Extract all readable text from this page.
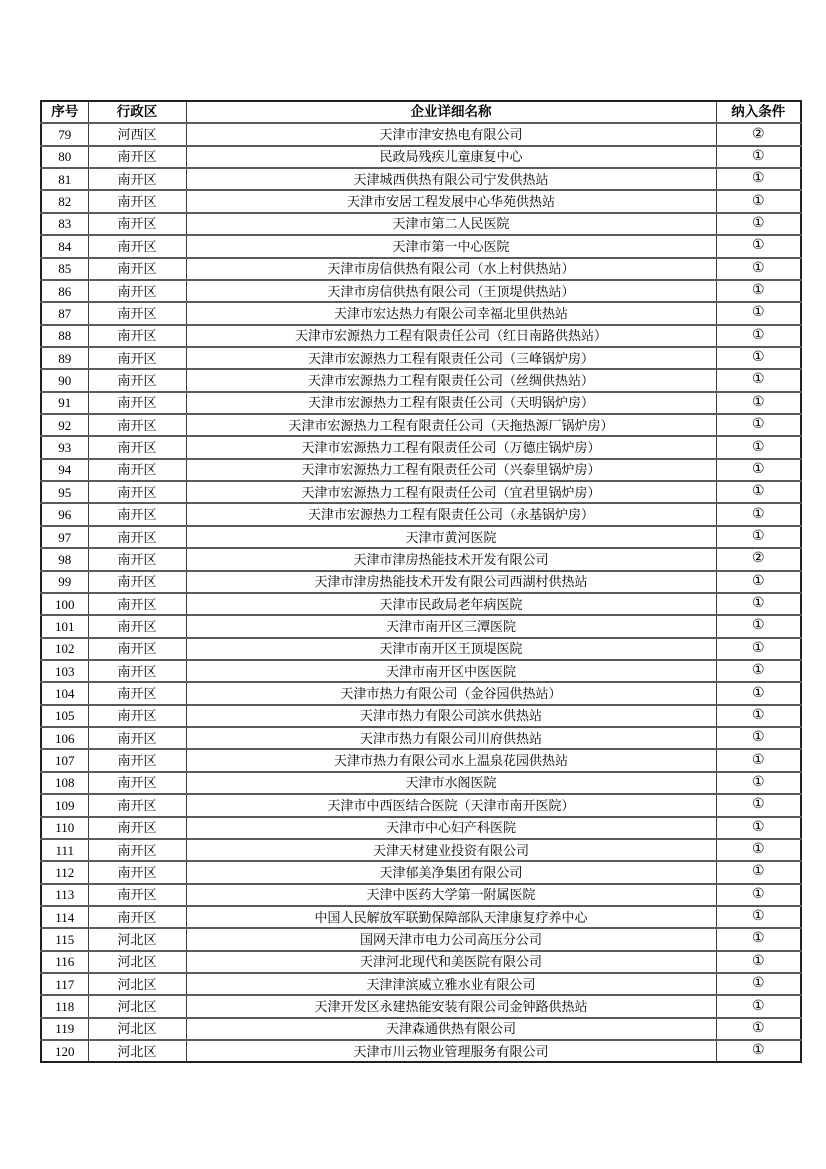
序号	行政区	企业详细名称	纳入条件
79	河西区	天津市津安热电有限公司	②
80	南开区	民政局残疾儿童康复中心	①
81	南开区	天津城西供热有限公司宁发供热站	①
82	南开区	天津市安居工程发展中心华苑供热站	①
83	南开区	天津市第二人民医院	①
84	南开区	天津市第一中心医院	①
85	南开区	天津市房信供热有限公司（水上村供热站）	①
86	南开区	天津市房信供热有限公司（王顶堤供热站）	①
87	南开区	天津市宏达热力有限公司幸福北里供热站	①
88	南开区	天津市宏源热力工程有限责任公司（红日南路供热站）	①
89	南开区	天津市宏源热力工程有限责任公司（三峰锅炉房）	①
90	南开区	天津市宏源热力工程有限责任公司（丝绸供热站）	①
91	南开区	天津市宏源热力工程有限责任公司（天明锅炉房）	①
92	南开区	天津市宏源热力工程有限责任公司（天拖热源厂锅炉房）	①
93	南开区	天津市宏源热力工程有限责任公司（万德庄锅炉房）	①
94	南开区	天津市宏源热力工程有限责任公司（兴泰里锅炉房）	①
95	南开区	天津市宏源热力工程有限责任公司（宜君里锅炉房）	①
96	南开区	天津市宏源热力工程有限责任公司（永基锅炉房）	①
97	南开区	天津市黄河医院	①
98	南开区	天津市津房热能技术开发有限公司	②
99	南开区	天津市津房热能技术开发有限公司西湖村供热站	①
100	南开区	天津市民政局老年病医院	①
101	南开区	天津市南开区三潭医院	①
102	南开区	天津市南开区王顶堤医院	①
103	南开区	天津市南开区中医医院	①
104	南开区	天津市热力有限公司（金谷园供热站）	①
105	南开区	天津市热力有限公司滨水供热站	①
106	南开区	天津市热力有限公司川府供热站	①
107	南开区	天津市热力有限公司水上温泉花园供热站	①
108	南开区	天津市水阁医院	①
109	南开区	天津市中西医结合医院（天津市南开医院）	①
110	南开区	天津市中心妇产科医院	①
111	南开区	天津天材建业投资有限公司	①
112	南开区	天津郁美净集团有限公司	①
113	南开区	天津中医药大学第一附属医院	①
114	南开区	中国人民解放军联勤保障部队天津康复疗养中心	①
115	河北区	国网天津市电力公司高压分公司	①
116	河北区	天津河北现代和美医院有限公司	①
117	河北区	天津津滨威立雅水业有限公司	①
118	河北区	天津开发区永建热能安装有限公司金钟路供热站	①
119	河北区	天津森通供热有限公司	①
120	河北区	天津市川云物业管理服务有限公司	①
